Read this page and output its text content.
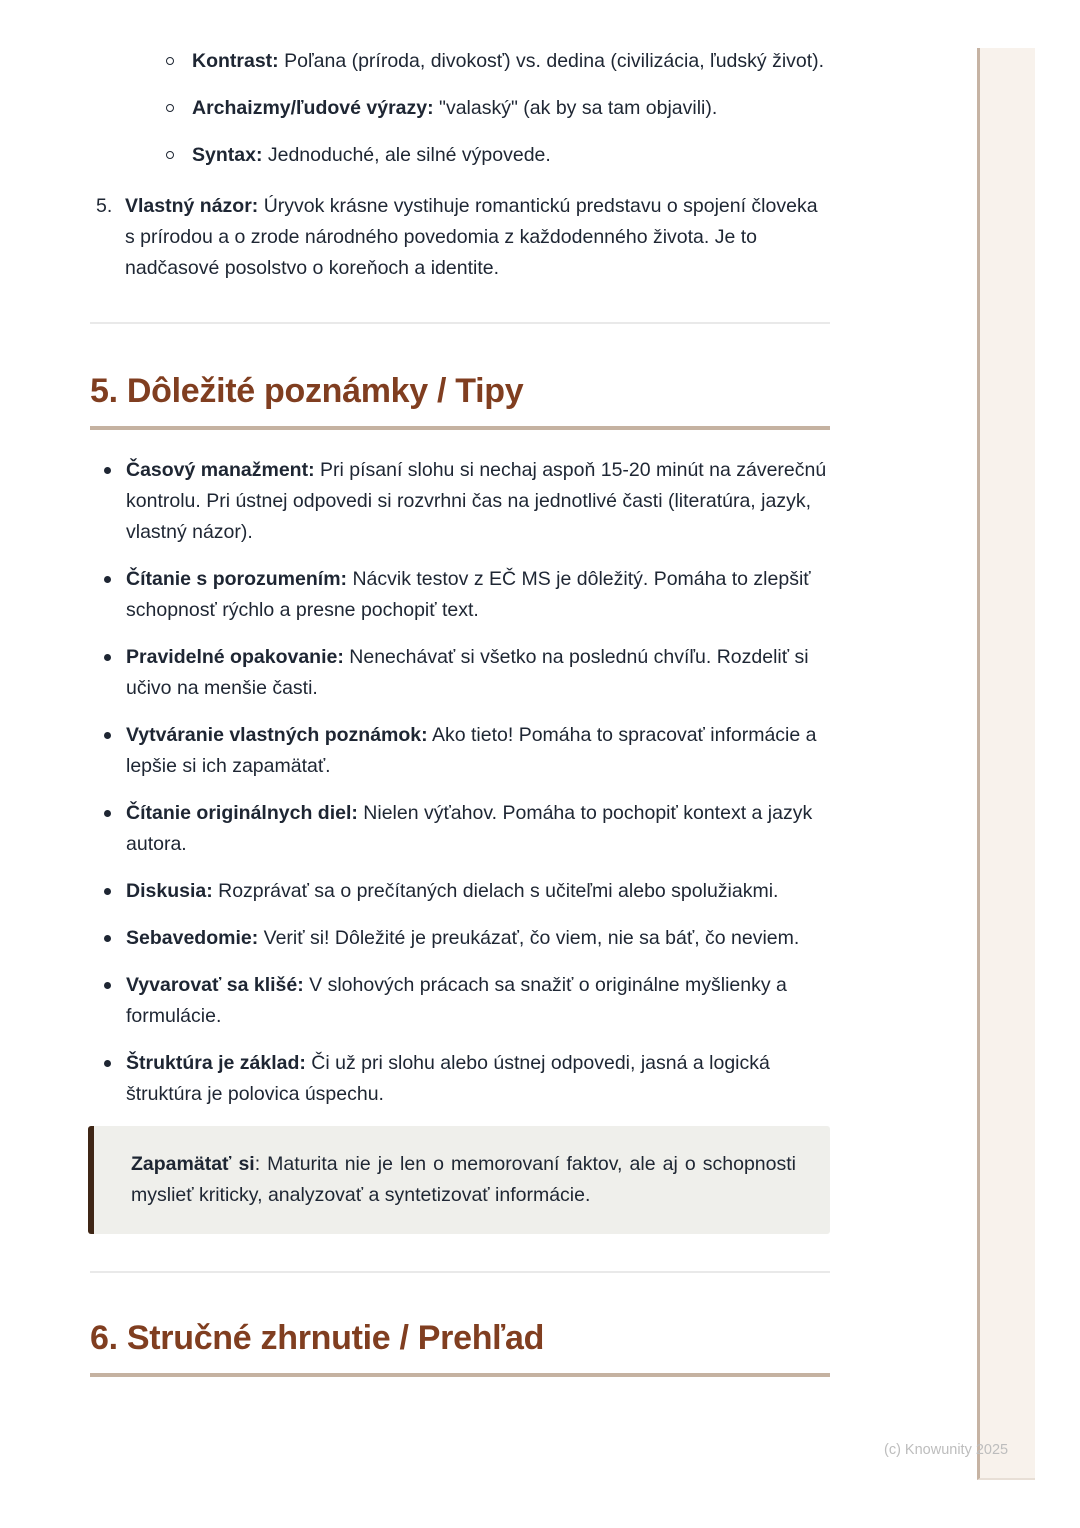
Kontrast: Poľana (príroda, divokosť) vs. dedina (civilizácia, ľudský život).
Archaizmy/ľudové výrazy: "valaský" (ak by sa tam objavili).
Syntax: Jednoduché, ale silné výpovede.
5. Vlastný názor: Úryvok krásne vystihuje romantickú predstavu o spojení človeka s prírodou a o zrode národného povedomia z každodenného života. Je to nadčasové posolstvo o koreňoch a identite.
5. Dôležité poznámky / Tipy
Časový manažment: Pri písaní slohu si nechaj aspoň 15-20 minút na záverečnú kontrolu. Pri ústnej odpovedi si rozvrhni čas na jednotlivé časti (literatúra, jazyk, vlastný názor).
Čítanie s porozumením: Nácvik testov z EČ MS je dôležitý. Pomáha to zlepšiť schopnosť rýchlo a presne pochopiť text.
Pravidelné opakovanie: Nenechávať si všetko na poslednú chvíľu. Rozdeliť si učivo na menšie časti.
Vytváranie vlastných poznámok: Ako tieto! Pomáha to spracovať informácie a lepšie si ich zapamätať.
Čítanie originálnych diel: Nielen výťahov. Pomáha to pochopiť kontext a jazyk autora.
Diskusia: Rozprávať sa o prečítaných dielach s učiteľmi alebo spolužiakmi.
Sebavedomie: Veriť si! Dôležité je preukázať, čo viem, nie sa báť, čo neviem.
Vyvarovať sa klišé: V slohových prácach sa snažiť o originálne myšlienky a formulácie.
Štruktúra je základ: Či už pri slohu alebo ústnej odpovedi, jasná a logická štruktúra je polovica úspechu.
Zapamätať si: Maturita nie je len o memorovaní faktov, ale aj o schopnosti myslieť kriticky, analyzovať a syntetizovať informácie.
6. Stručné zhrnutie / Prehľad
(c) Knowunity 2025
